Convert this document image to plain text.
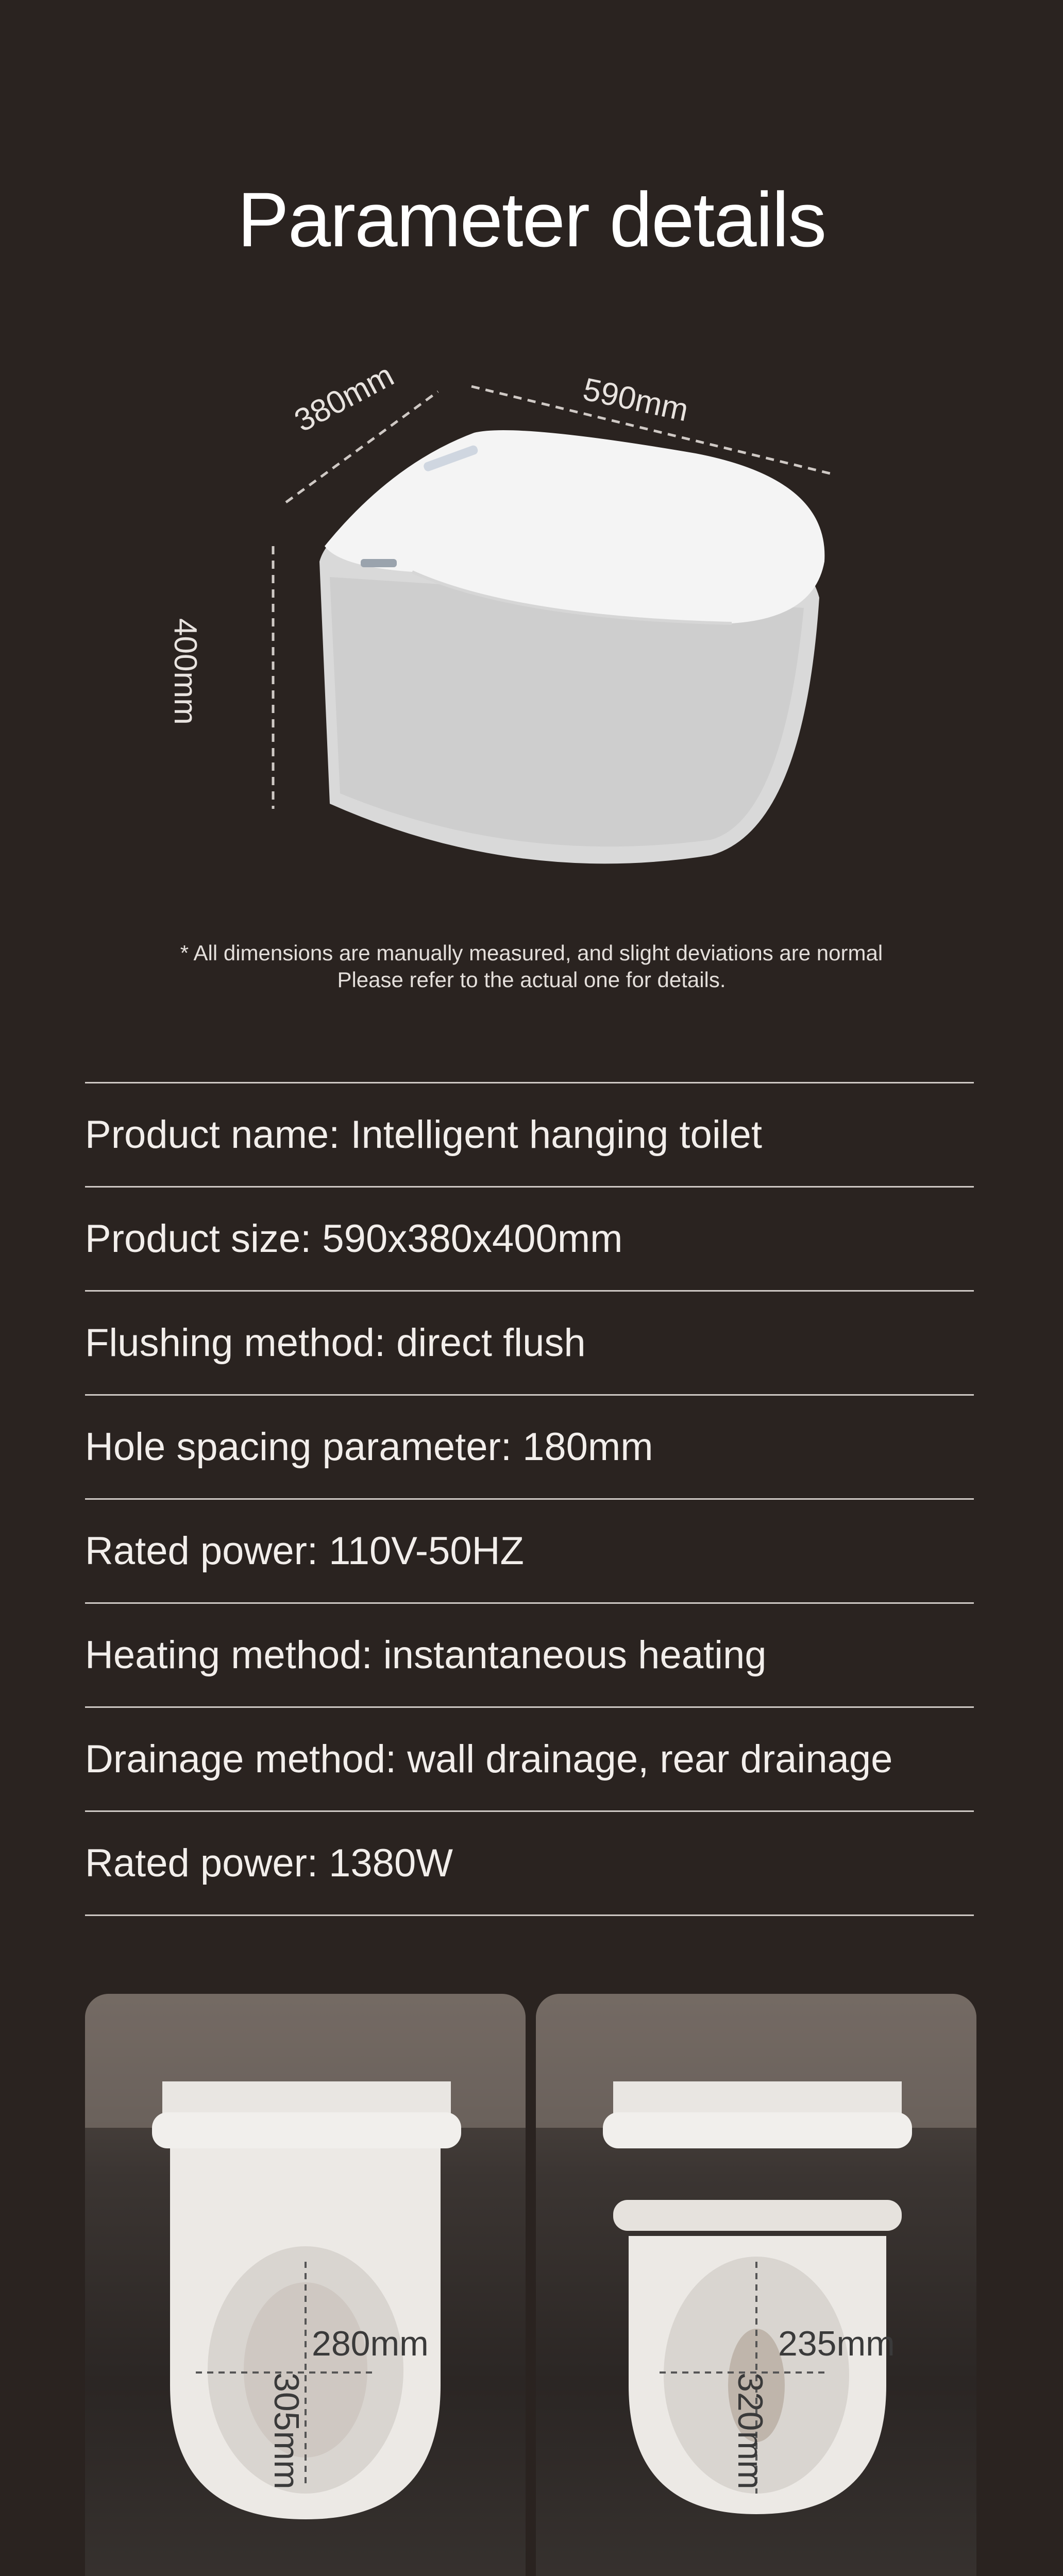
Parameter details
380mm	590mm
400mm
* All dimensions are manually measured, and slight deviations are normal
Please refer to the actual one for details.
Product name: Intelligent hanging toilet
Product size: 590x380x400mm
Flushing method: direct flush
Hole spacing parameter: 180mm
Rated power: 110V-50HZ
Heating method: instantaneous heating
Drainage method: wall drainage, rear drainage
Rated power: 1380W
280mm
305mm
235mm
320mm
